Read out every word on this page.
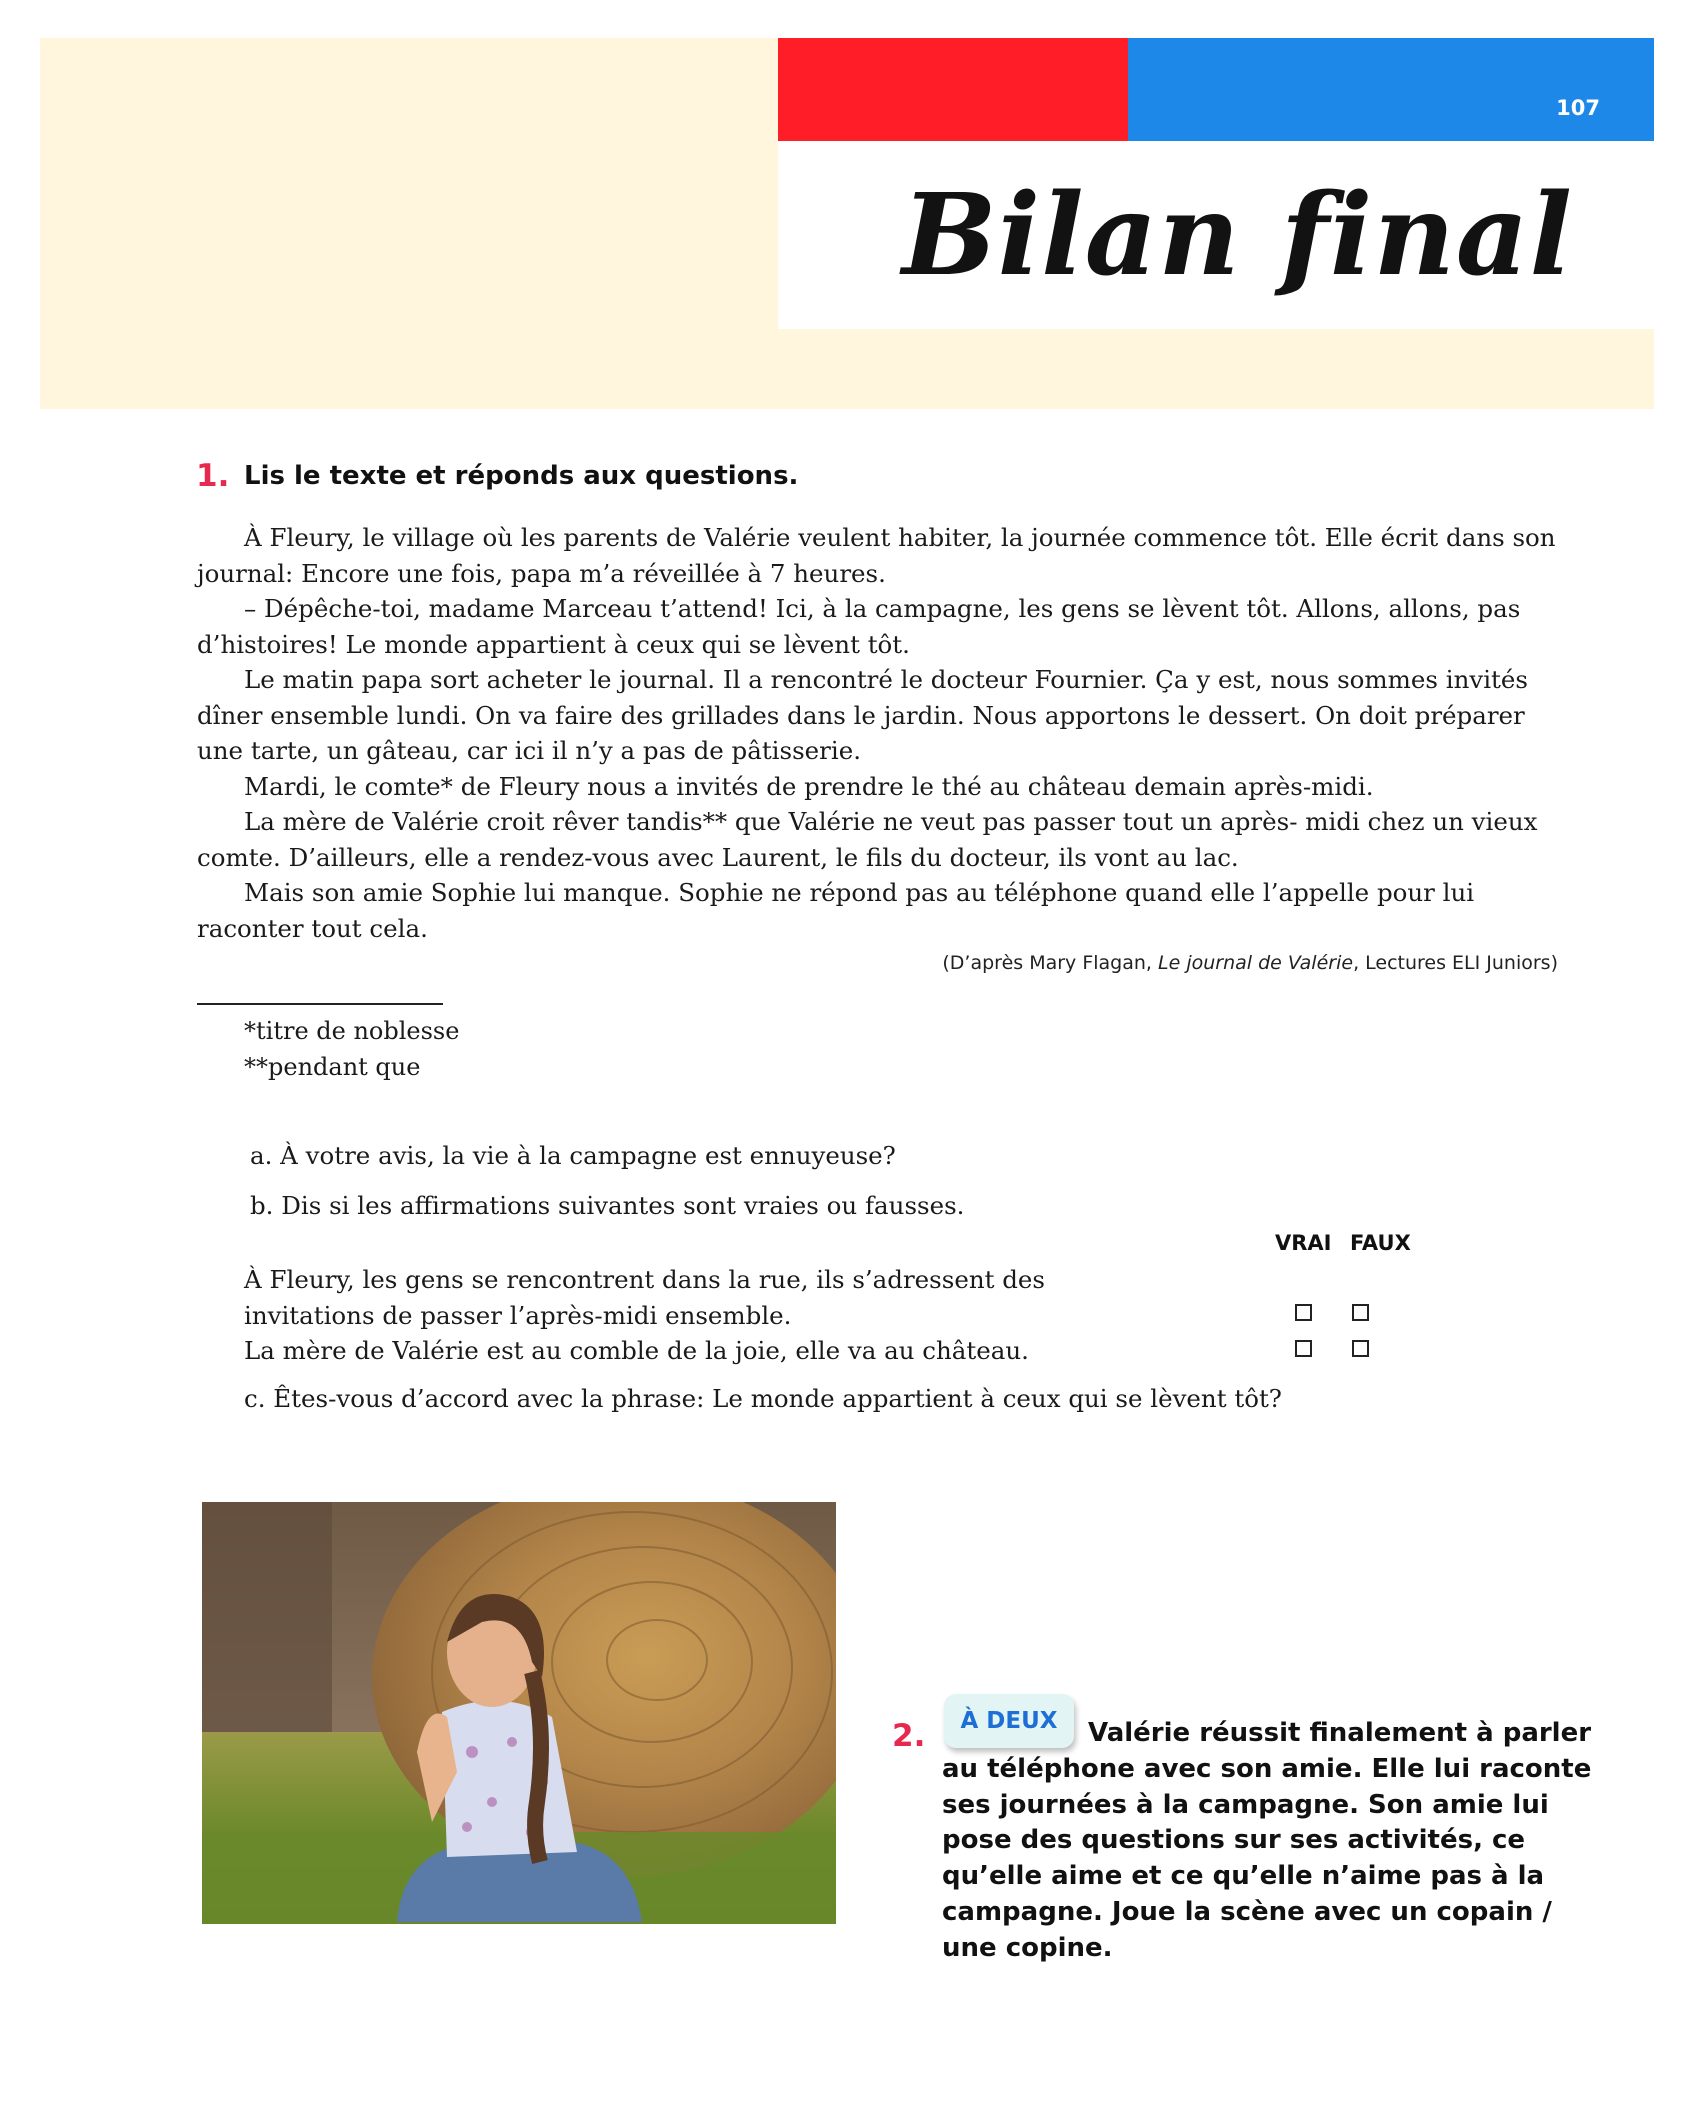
107
Bilan final
1. Lis le texte et réponds aux questions.

À Fleury, le village où les parents de Valérie veulent habiter, la journée commence tôt. Elle écrit dans son journal: Encore une fois, papa m’a réveillée à 7 heures.

– Dépêche-toi, madame Marceau t’attend! Ici, à la campagne, les gens se lèvent tôt. Allons, allons, pas d’histoires! Le monde appartient à ceux qui se lèvent tôt.

Le matin papa sort acheter le journal. Il a rencontré le docteur Fournier. Ça y est, nous sommes invités dîner ensemble lundi. On va faire des grillades dans le jardin. Nous apportons le dessert. On doit préparer une tarte, un gâteau, car ici il n’y a pas de pâtisserie.

Mardi, le comte* de Fleury nous a invités de prendre le thé au château demain après-midi.

La mère de Valérie croit rêver tandis** que Valérie ne veut pas passer tout un après- midi chez un vieux comte. D’ailleurs, elle a rendez-vous avec Laurent, le fils du docteur, ils vont au lac.

Mais son amie Sophie lui manque. Sophie ne répond pas au téléphone quand elle l’appelle pour lui raconter tout cela.

(D’après Mary Flagan, Le journal de Valérie, Lectures ELI Juniors)
*titre de noblesse
**pendant que
a. À votre avis, la vie à la campagne est ennuyeuse?
b. Dis si les affirmations suivantes sont vraies ou fausses.
VRAI FAUX
À Fleury, les gens se rencontrent dans la rue, ils s’adressent des invitations de passer l’après-midi ensemble.
La mère de Valérie est au comble de la joie, elle va au château.
c. Êtes-vous d’accord avec la phrase: Le monde appartient à ceux qui se lèvent tôt?
2.	À DEUX	Valérie réussit finalement à parler au téléphone avec son amie. Elle lui raconte ses journées à la campagne. Son amie lui pose des questions sur ses activités, ce qu’elle aime et ce qu’elle n’aime pas à la campagne. Joue la scène avec un copain / une copine.
